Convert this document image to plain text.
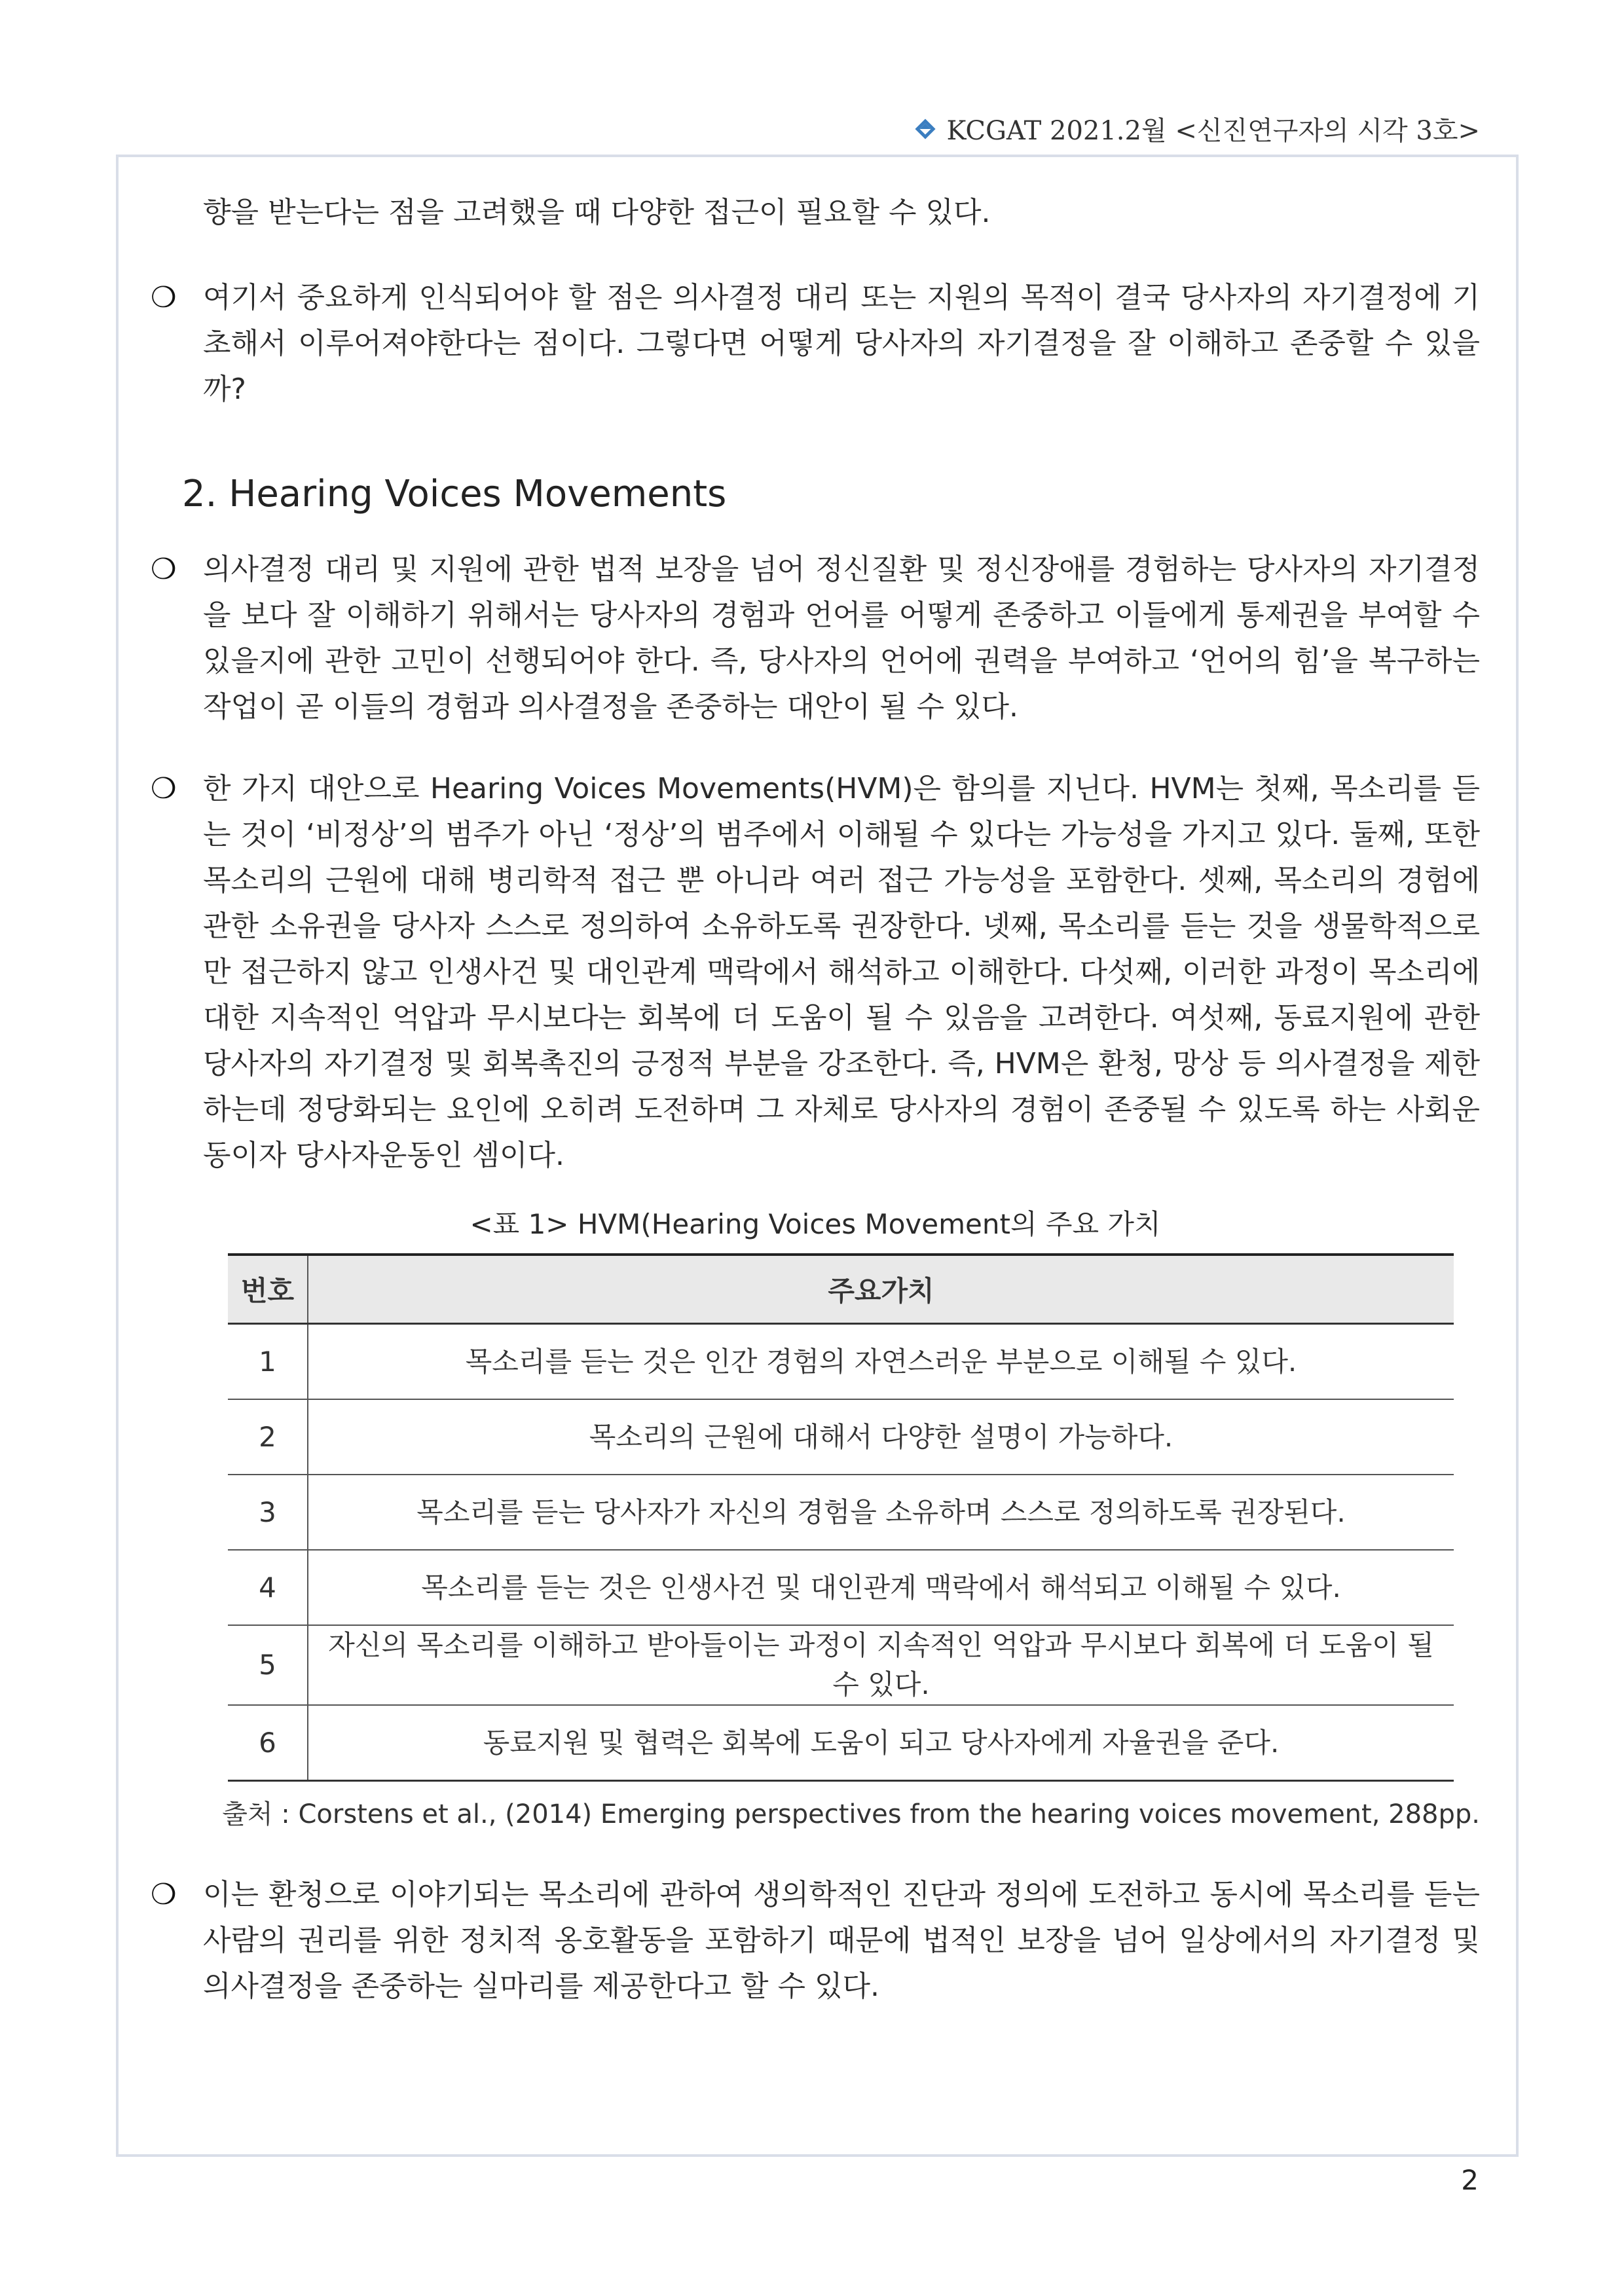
KCGAT 2021.2월 <신진연구자의 시각 3호>

향을 받는다는 점을 고려했을 때 다양한 접근이 필요할 수 있다.

❍ 여기서 중요하게 인식되어야 할 점은 의사결정 대리 또는 지원의 목적이 결국 당사자의 자기결정에 기초해서 이루어져야한다는 점이다. 그렇다면 어떻게 당사자의 자기결정을 잘 이해하고 존중할 수 있을까?
2. Hearing Voices Movements
❍ 의사결정 대리 및 지원에 관한 법적 보장을 넘어 정신질환 및 정신장애를 경험하는 당사자의 자기결정을 보다 잘 이해하기 위해서는 당사자의 경험과 언어를 어떻게 존중하고 이들에게 통제권을 부여할 수 있을지에 관한 고민이 선행되어야 한다. 즉, 당사자의 언어에 권력을 부여하고 ‘언어의 힘’을 복구하는 작업이 곧 이들의 경험과 의사결정을 존중하는 대안이 될 수 있다.
❍ 한 가지 대안으로 Hearing Voices Movements(HVM)은 함의를 지닌다. HVM는 첫째, 목소리를 듣는 것이 ‘비정상’의 범주가 아닌 ‘정상’의 범주에서 이해될 수 있다는 가능성을 가지고 있다. 둘째, 또한 목소리의 근원에 대해 병리학적 접근 뿐 아니라 여러 접근 가능성을 포함한다. 셋째, 목소리의 경험에 관한 소유권을 당사자 스스로 정의하여 소유하도록 권장한다. 넷째, 목소리를 듣는 것을 생물학적으로만 접근하지 않고 인생사건 및 대인관계 맥락에서 해석하고 이해한다. 다섯째, 이러한 과정이 목소리에 대한 지속적인 억압과 무시보다는 회복에 더 도움이 될 수 있음을 고려한다. 여섯째, 동료지원에 관한 당사자의 자기결정 및 회복촉진의 긍정적 부분을 강조한다. 즉, HVM은 환청, 망상 등 의사결정을 제한하는데 정당화되는 요인에 오히려 도전하며 그 자체로 당사자의 경험이 존중될 수 있도록 하는 사회운동이자 당사자운동인 셈이다.
<표 1> HVM(Hearing Voices Movement의 주요 가치
번호	주요가치
1	목소리를 듣는 것은 인간 경험의 자연스러운 부분으로 이해될 수 있다.
2	목소리의 근원에 대해서 다양한 설명이 가능하다.
3	목소리를 듣는 당사자가 자신의 경험을 소유하며 스스로 정의하도록 권장된다.
4	목소리를 듣는 것은 인생사건 및 대인관계 맥락에서 해석되고 이해될 수 있다.
5	자신의 목소리를 이해하고 받아들이는 과정이 지속적인 억압과 무시보다 회복에 더 도움이 될 수 있다.
6	동료지원 및 협력은 회복에 도움이 되고 당사자에게 자율권을 준다.
출처 : Corstens et al., (2014) Emerging perspectives from the hearing voices movement, 288pp.
❍ 이는 환청으로 이야기되는 목소리에 관하여 생의학적인 진단과 정의에 도전하고 동시에 목소리를 듣는 사람의 권리를 위한 정치적 옹호활동을 포함하기 때문에 법적인 보장을 넘어 일상에서의 자기결정 및 의사결정을 존중하는 실마리를 제공한다고 할 수 있다.
2
